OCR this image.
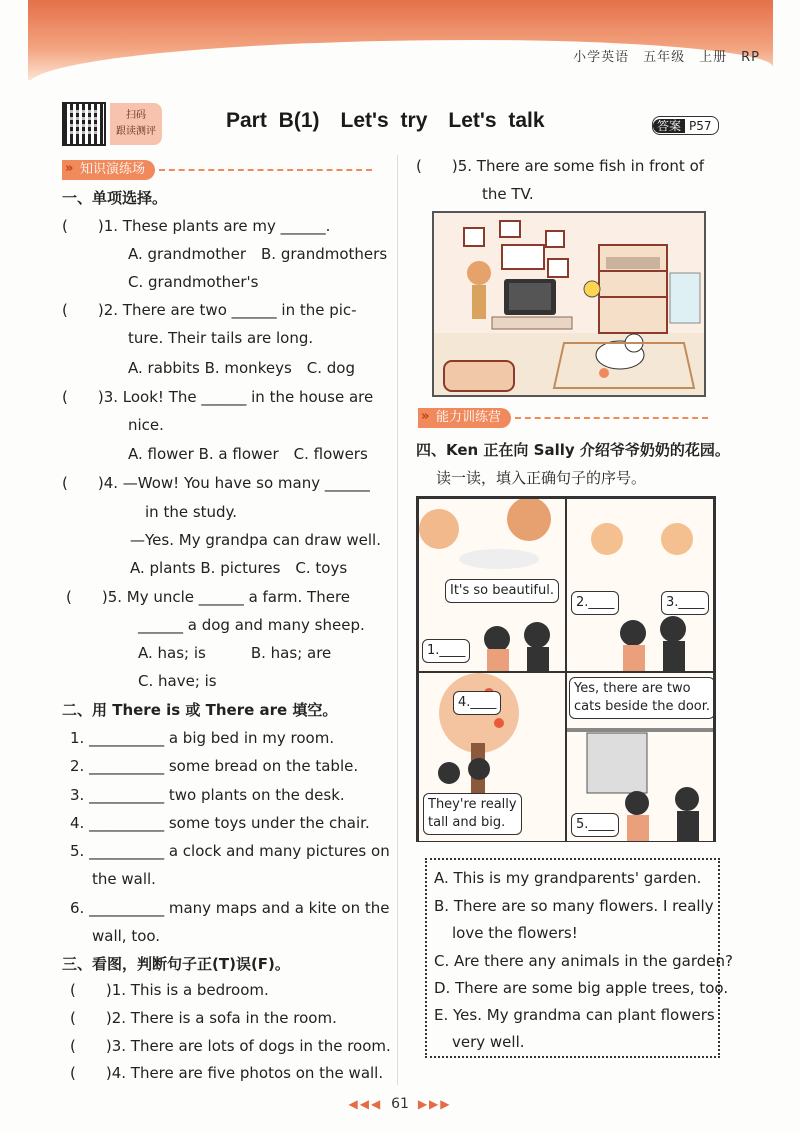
小学英语　五年级　上册　RP
扫码
跟读测评	Part B(1)　Let's try　Let's talk	答案 P57
» 知识演练场
一、单项选择。
(　　)1. These plants are my ______.
A. grandmother　B. grandmothers
C. grandmother's
(　　)2. There are two ______ in the pic-
ture. Their tails are long.
A. rabbits B. monkeys　C. dog
(　　)3. Look! The ______ in the house are
nice.
A. flower B. a flower　C. flowers
(　　)4. —Wow! You have so many ______
in the study.
—Yes. My grandpa can draw well.
A. plants B. pictures　C. toys
(　　)5. My uncle ______ a farm. There
______ a dog and many sheep.
A. has; is　　　B. has; are
C. have; is
二、用 There is 或 There are 填空。
1. __________ a big bed in my room.
2. __________ some bread on the table.
3. __________ two plants on the desk.
4. __________ some toys under the chair.
5. __________ a clock and many pictures on
the wall.
6. __________ many maps and a kite on the
wall, too.
三、看图，判断句子正(T)误(F)。
(　　)1. This is a bedroom.
(　　)2. There is a sofa in the room.
(　　)3. There are lots of dogs in the room.
(　　)4. There are five photos on the wall.
(　　)5. There are some fish in front of
the TV.
» 能力训练营
四、Ken 正在向 Sally 介绍爷爷奶奶的花园。
读一读，填入正确句子的序号。
It's so beautiful.
1.____
2.____	3.____
4.____
They're really
tall and big.
Yes, there are two
cats beside the door.
5.____
A. This is my grandparents' garden.
B. There are so many flowers. I really
love the flowers!
C. Are there any animals in the garden?
D. There are some big apple trees, too.
E. Yes. My grandma can plant flowers
very well.
◀◀◀ 61 ▶▶▶
